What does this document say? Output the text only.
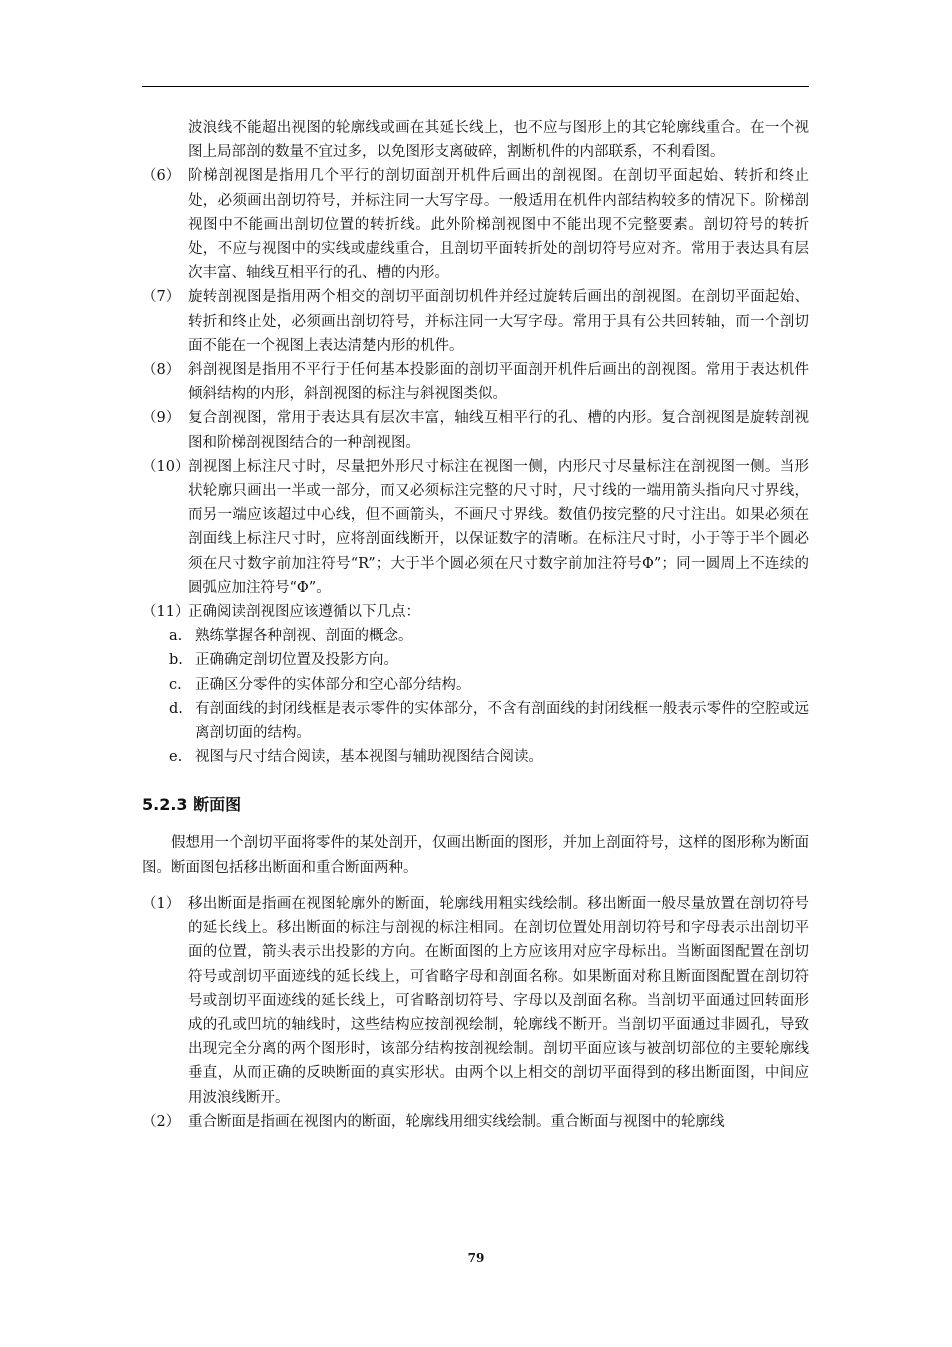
波浪线不能超出视图的轮廓线或画在其延长线上，也不应与图形上的其它轮廓线重合。在一个视图上局部剖的数量不宜过多，以免图形支离破碎，割断机件的内部联系，不利看图。

（6） 阶梯剖视图是指用几个平行的剖切面剖开机件后画出的剖视图。在剖切平面起始、转折和终止处，必须画出剖切符号，并标注同一大写字母。一般适用在机件内部结构较多的情况下。阶梯剖视图中不能画出剖切位置的转折线。此外阶梯剖视图中不能出现不完整要素。剖切符号的转折处，不应与视图中的实线或虚线重合，且剖切平面转折处的剖切符号应对齐。常用于表达具有层次丰富、轴线互相平行的孔、槽的内形。
（7） 旋转剖视图是指用两个相交的剖切平面剖切机件并经过旋转后画出的剖视图。在剖切平面起始、转折和终止处，必须画出剖切符号，并标注同一大写字母。常用于具有公共回转轴，而一个剖切面不能在一个视图上表达清楚内形的机件。
（8） 斜剖视图是指用不平行于任何基本投影面的剖切平面剖开机件后画出的剖视图。常用于表达机件倾斜结构的内形，斜剖视图的标注与斜视图类似。
（9） 复合剖视图，常用于表达具有层次丰富，轴线互相平行的孔、槽的内形。复合剖视图是旋转剖视图和阶梯剖视图结合的一种剖视图。
（10）
剖视图上标注尺寸时，尽量把外形尺寸标注在视图一侧，内形尺寸尽量标注在剖视图一侧。当形状轮廓只画出一半或一部分，而又必须标注完整的尺寸时，尺寸线的一端用箭头指向尺寸界线，而另一端应该超过中心线，但不画箭头，不画尺寸界线。数值仍按完整的尺寸注出。如果必须在剖面线上标注尺寸时，应将剖面线断开，以保证数字的清晰。在标注尺寸时，小于等于半个圆必须在尺寸数字前加注符号“R”；大于半个圆必须在尺寸数字前加注符号Φ”；同一圆周上不连续的圆弧应加注符号“Φ”。
（11）
正确阅读剖视图应该遵循以下几点：
a. 熟练掌握各种剖视、剖面的概念。
b. 正确确定剖切位置及投影方向。
c. 正确区分零件的实体部分和空心部分结构。
d. 有剖面线的封闭线框是表示零件的实体部分，不含有剖面线的封闭线框一般表示零件的空腔或远离剖切面的结构。
e. 视图与尺寸结合阅读，基本视图与辅助视图结合阅读。
5.2.3 断面图

假想用一个剖切平面将零件的某处剖开，仅画出断面的图形，并加上剖面符号，这样的图形称为断面图。断面图包括移出断面和重合断面两种。

（1） 移出断面是指画在视图轮廓外的断面，轮廓线用粗实线绘制。移出断面一般尽量放置在剖切符号的延长线上。移出断面的标注与剖视的标注相同。在剖切位置处用剖切符号和字母表示出剖切平面的位置，箭头表示出投影的方向。在断面图的上方应该用对应字母标出。当断面图配置在剖切符号或剖切平面迹线的延长线上，可省略字母和剖面名称。如果断面对称且断面图配置在剖切符号或剖切平面迹线的延长线上，可省略剖切符号、字母以及剖面名称。当剖切平面通过回转面形成的孔或凹坑的轴线时，这些结构应按剖视绘制，轮廓线不断开。当剖切平面通过非圆孔，导致出现完全分离的两个图形时，该部分结构按剖视绘制。剖切平面应该与被剖切部位的主要轮廓线垂直，从而正确的反映断面的真实形状。由两个以上相交的剖切平面得到的移出断面图，中间应用波浪线断开。
（2） 重合断面是指画在视图内的断面，轮廓线用细实线绘制。重合断面与视图中的轮廓线
79
